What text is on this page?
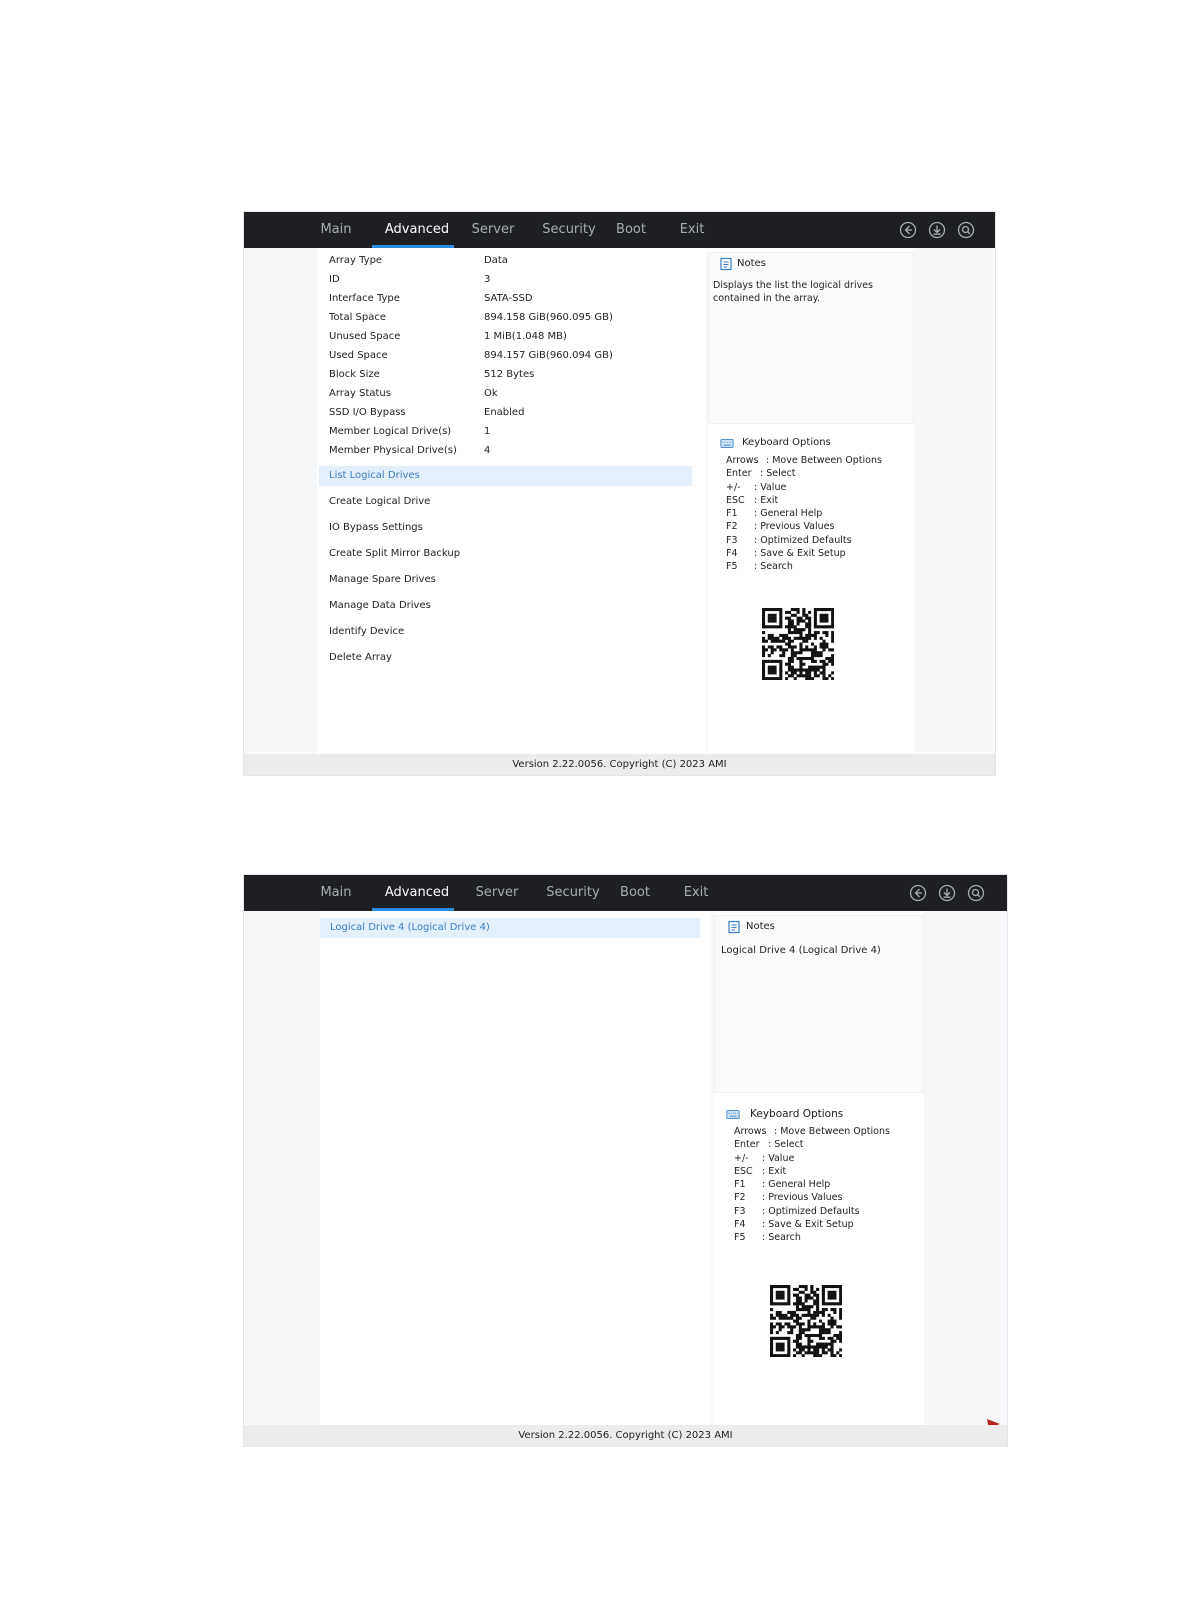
Main	Advanced	Server	Security	Boot	Exit
Array Type	Data
ID	3
Interface Type	SATA-SSD
Total Space	894.158 GiB(960.095 GB)
Unused Space	1 MiB(1.048 MB)
Used Space	894.157 GiB(960.094 GB)
Block Size	512 Bytes
Array Status	Ok
SSD I/O Bypass	Enabled
Member Logical Drive(s)	1
Member Physical Drive(s)	4
List Logical Drives
Create Logical Drive
IO Bypass Settings
Create Split Mirror Backup
Manage Spare Drives
Manage Data Drives
Identify Device
Delete Array
Notes
Displays the list the logical drives contained in the array.
Keyboard Options
Arrows : Move Between Options
Enter : Select
+/- : Value
ESC : Exit
F1 : General Help
F2 : Previous Values
F3 : Optimized Defaults
F4 : Save & Exit Setup
F5 : Search
Version 2.22.0056. Copyright (C) 2023 AMI
Main	Advanced	Server	Security	Boot	Exit
Logical Drive 4 (Logical Drive 4)	Notes
Logical Drive 4 (Logical Drive 4)
Keyboard Options
Arrows : Move Between Options
Enter : Select
+/- : Value
ESC : Exit
F1 : General Help
F2 : Previous Values
F3 : Optimized Defaults
F4 : Save & Exit Setup
F5 : Search
Version 2.22.0056. Copyright (C) 2023 AMI
